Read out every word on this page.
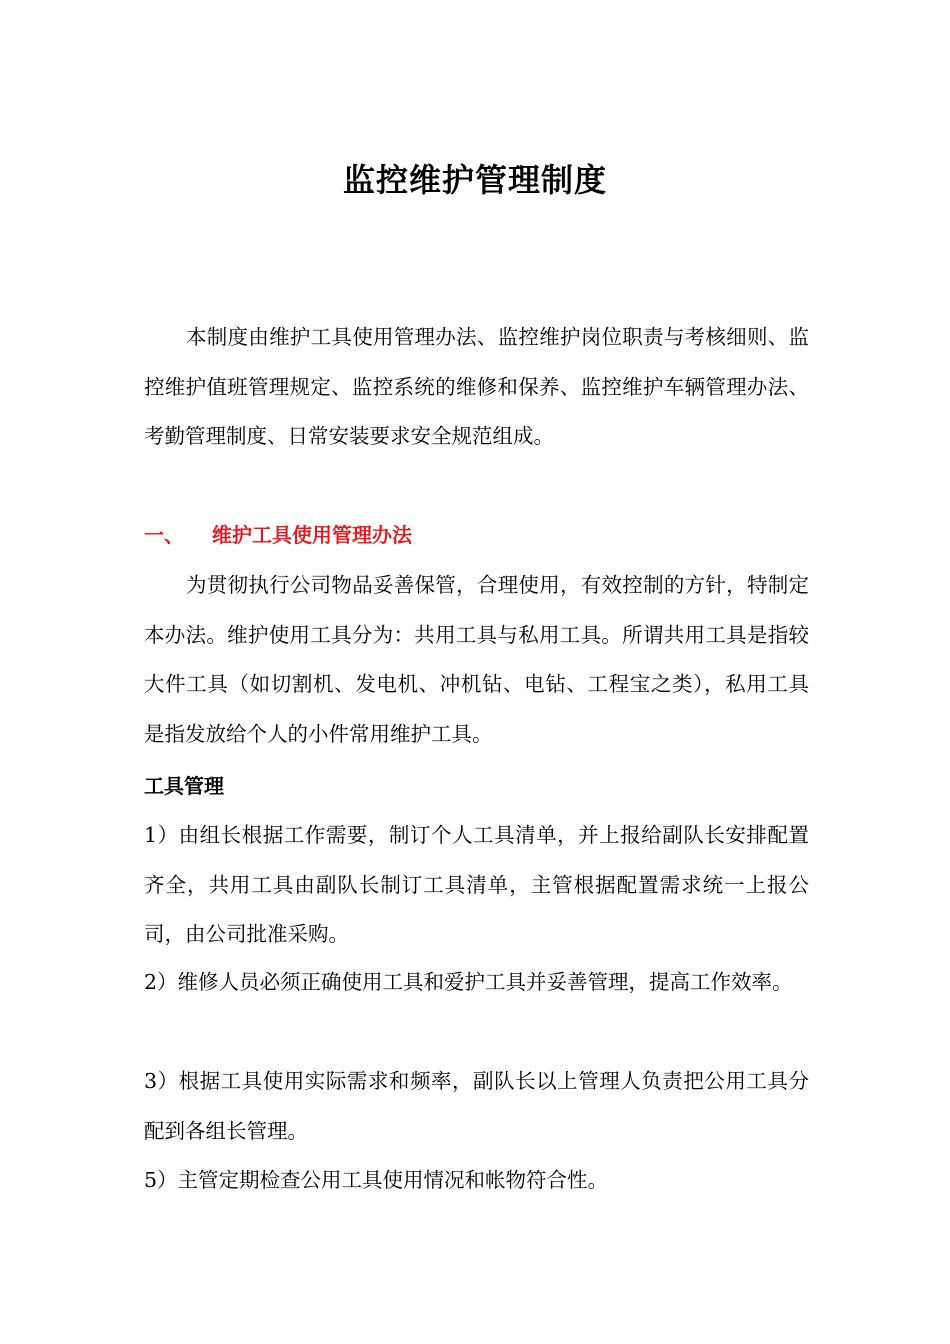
监控维护管理制度

本制度由维护工具使用管理办法、监控维护岗位职责与考核细则、监控维护值班管理规定、监控系统的维修和保养、监控维护车辆管理办法、考勤管理制度、日常安装要求安全规范组成。

一、 维护工具使用管理办法

为贯彻执行公司物品妥善保管，合理使用，有效控制的方针，特制定本办法。维护使用工具分为：共用工具与私用工具。所谓共用工具是指较大件工具（如切割机、发电机、冲机钻、电钻、工程宝之类），私用工具是指发放给个人的小件常用维护工具。

工具管理

1）由组长根据工作需要，制订个人工具清单，并上报给副队长安排配置齐全，共用工具由副队长制订工具清单，主管根据配置需求统一上报公司，由公司批准采购。

2）维修人员必须正确使用工具和爱护工具并妥善管理，提高工作效率。

3）根据工具使用实际需求和频率，副队长以上管理人负责把公用工具分配到各组长管理。

5）主管定期检查公用工具使用情况和帐物符合性。
